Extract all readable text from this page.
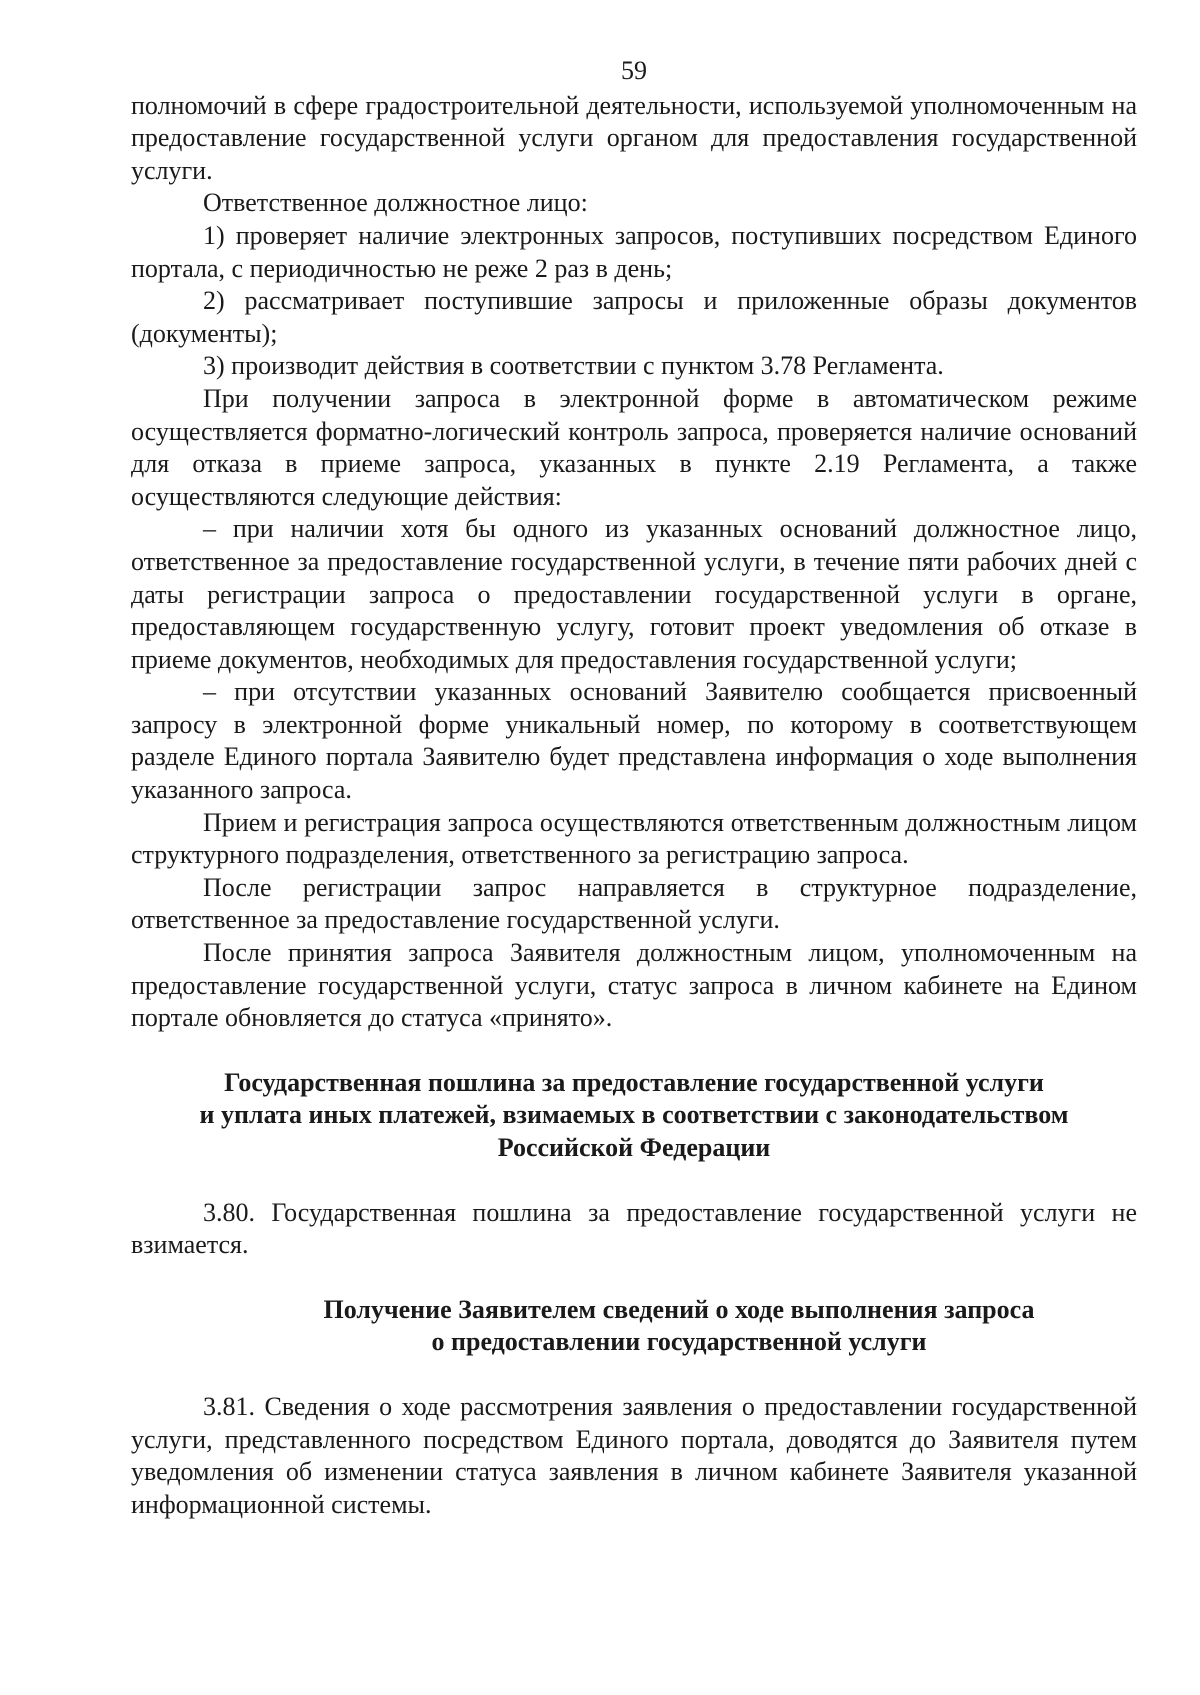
59

полномочий в сфере градостроительной деятельности, используемой уполномоченным на предоставление государственной услуги органом для предоставления государственной услуги.

Ответственное должностное лицо:

1) проверяет наличие электронных запросов, поступивших посредством Единого портала, с периодичностью не реже 2 раз в день;

2) рассматривает поступившие запросы и приложенные образы документов (документы);

3) производит действия в соответствии с пунктом 3.78 Регламента.

При получении запроса в электронной форме в автоматическом режиме осуществляется форматно-логический контроль запроса, проверяется наличие оснований для отказа в приеме запроса, указанных в пункте 2.19 Регламента, а также осуществляются следующие действия:

– при наличии хотя бы одного из указанных оснований должностное лицо, ответственное за предоставление государственной услуги, в течение пяти рабочих дней с даты регистрации запроса о предоставлении государственной услуги в органе, предоставляющем государственную услугу, готовит проект уведомления об отказе в приеме документов, необходимых для предоставления государственной услуги;

– при отсутствии указанных оснований Заявителю сообщается присвоенный запросу в электронной форме уникальный номер, по которому в соответствующем разделе Единого портала Заявителю будет представлена информация о ходе выполнения указанного запроса.

Прием и регистрация запроса осуществляются ответственным должностным лицом структурного подразделения, ответственного за регистрацию запроса.

После регистрации запрос направляется в структурное подразделение, ответственное за предоставление государственной услуги.

После принятия запроса Заявителя должностным лицом, уполномоченным на предоставление государственной услуги, статус запроса в личном кабинете на Едином портале обновляется до статуса «принято».

Государственная пошлина за предоставление государственной услуги
и уплата иных платежей, взимаемых в соответствии с законодательством
Российской Федерации

3.80. Государственная пошлина за предоставление государственной услуги не взимается.

Получение Заявителем сведений о ходе выполнения запроса
о предоставлении государственной услуги

3.81. Сведения о ходе рассмотрения заявления о предоставлении государственной услуги, представленного посредством Единого портала, доводятся до Заявителя путем уведомления об изменении статуса заявления в личном кабинете Заявителя указанной информационной системы.
